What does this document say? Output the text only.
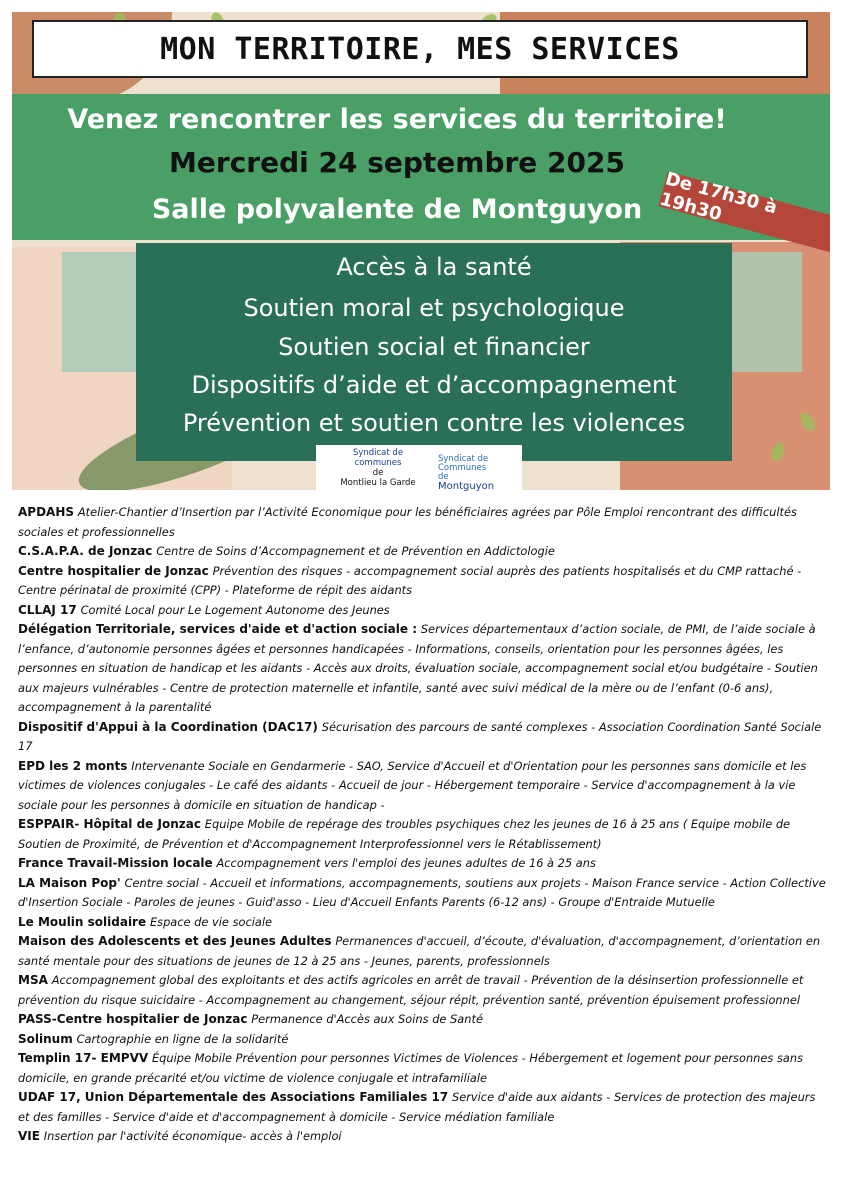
MON TERRITOIRE, MES SERVICES
Venez rencontrer les services du territoire!
Mercredi 24 septembre 2025
Salle polyvalente de Montguyon
Accès à la santé
Soutien moral et psychologique
Soutien social et financier
Dispositifs d’aide et d’accompagnement
Prévention et soutien contre les violences
De 17h30 à 19h30
Syndicat de
communes
de
Montlieu la Garde
Syndicat de
Communes
de
Montguyon
APDAHS Atelier-Chantier d’Insertion par l’Activité Economique pour les bénéficiaires agrées par Pôle Emploi rencontrant des difficultés sociales et professionnelles
C.S.A.P.A. de Jonzac Centre de Soins d’Accompagnement et de Prévention en Addictologie
Centre hospitalier de Jonzac Prévention des risques - accompagnement social auprès des patients hospitalisés et du CMP rattaché - Centre périnatal de proximité (CPP) - Plateforme de répit des aidants
CLLAJ 17 Comité Local pour Le Logement Autonome des Jeunes
Délégation Territoriale, services d'aide et d'action sociale : Services départementaux d’action sociale, de PMI, de l’aide sociale à l’enfance, d’autonomie personnes âgées et personnes handicapées - Informations, conseils, orientation pour les personnes âgées, les personnes en situation de handicap et les aidants - Accès aux droits, évaluation sociale, accompagnement social et/ou budgétaire - Soutien aux majeurs vulnérables - Centre de protection maternelle et infantile, santé avec suivi médical de la mère ou de l’enfant (0-6 ans), accompagnement à la parentalité
Dispositif d'Appui à la Coordination (DAC17) Sécurisation des parcours de santé complexes - Association Coordination Santé Sociale 17
EPD les 2 monts Intervenante Sociale en Gendarmerie - SAO, Service d'Accueil et d'Orientation pour les personnes sans domicile et les victimes de violences conjugales - Le café des aidants - Accueil de jour - Hébergement temporaire - Service d'accompagnement à la vie sociale pour les personnes à domicile en situation de handicap -
ESPPAIR- Hôpital de Jonzac Equipe Mobile de repérage des troubles psychiques chez les jeunes de 16 à 25 ans ( Equipe mobile de Soutien de Proximité, de Prévention et d'Accompagnement Interprofessionnel vers le Rétablissement)
France Travail-Mission locale Accompagnement vers l'emploi des jeunes adultes de 16 à 25 ans
LA Maison Pop' Centre social - Accueil et informations, accompagnements, soutiens aux projets - Maison France service - Action Collective d'Insertion Sociale - Paroles de jeunes - Guid'asso - Lieu d'Accueil Enfants Parents (6-12 ans) - Groupe d'Entraide Mutuelle
Le Moulin solidaire Espace de vie sociale
Maison des Adolescents et des Jeunes Adultes Permanences d'accueil, d’écoute, d'évaluation, d'accompagnement, d’orientation en santé mentale pour des situations de jeunes de 12 à 25 ans - Jeunes, parents, professionnels
MSA Accompagnement global des exploitants et des actifs agricoles en arrêt de travail - Prévention de la désinsertion professionnelle et prévention du risque suicidaire - Accompagnement au changement, séjour répit, prévention santé, prévention épuisement professionnel
PASS-Centre hospitalier de Jonzac Permanence d'Accès aux Soins de Santé
Solinum Cartographie en ligne de la solidarité
Templin 17- EMPVV Équipe Mobile Prévention pour personnes Victimes de Violences - Hébergement et logement pour personnes sans domicile, en grande précarité et/ou victime de violence conjugale et intrafamiliale
UDAF 17, Union Départementale des Associations Familiales 17 Service d'aide aux aidants - Services de protection des majeurs et des familles - Service d'aide et d'accompagnement à domicile - Service médiation familiale
VIE Insertion par l'activité économique- accès à l'emploi
